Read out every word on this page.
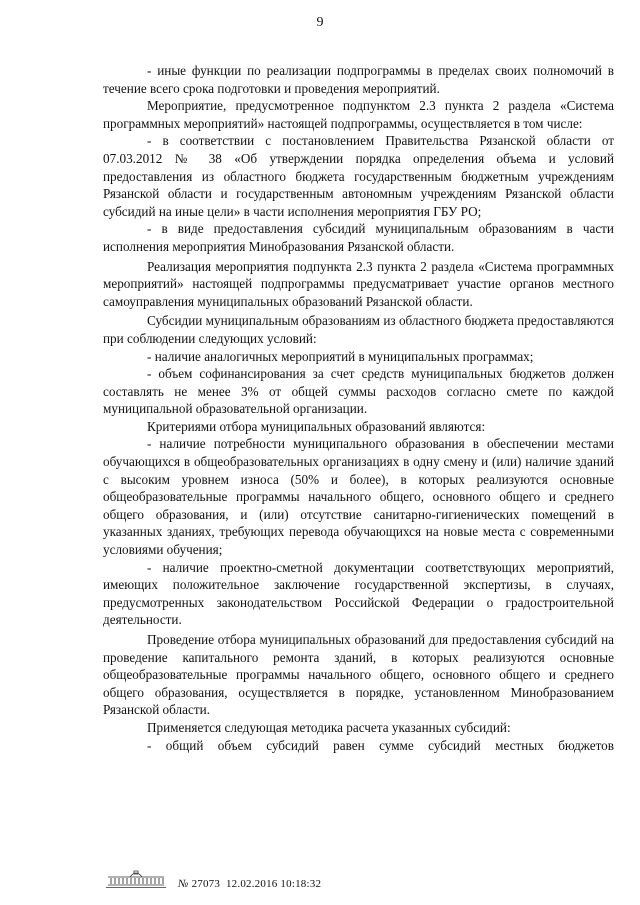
9

- иные функции по реализации подпрограммы в пределах своих полномочий в течение всего срока подготовки и проведения мероприятий.

Мероприятие, предусмотренное подпунктом 2.3 пункта 2 раздела «Система программных мероприятий» настоящей подпрограммы, осуществляется в том числе:

- в соответствии с постановлением Правительства Рязанской области от 07.03.2012 № 38 «Об утверждении порядка определения объема и условий предоставления из областного бюджета государственным бюджетным учреждениям Рязанской области и государственным автономным учреждениям Рязанской области субсидий на иные цели» в части исполнения мероприятия ГБУ РО;

- в виде предоставления субсидий муниципальным образованиям в части исполнения мероприятия Минобразования Рязанской области.

Реализация мероприятия подпункта 2.3 пункта 2 раздела «Система программных мероприятий» настоящей подпрограммы предусматривает участие органов местного самоуправления муниципальных образований Рязанской области.

Субсидии муниципальным образованиям из областного бюджета предоставляются при соблюдении следующих условий:

- наличие аналогичных мероприятий в муниципальных программах;

- объем софинансирования за счет средств муниципальных бюджетов должен составлять не менее 3% от общей суммы расходов согласно смете по каждой муниципальной образовательной организации.

Критериями отбора муниципальных образований являются:

- наличие потребности муниципального образования в обеспечении местами обучающихся в общеобразовательных организациях в одну смену и (или) наличие зданий с высоким уровнем износа (50% и более), в которых реализуются основные общеобразовательные программы начального общего, основного общего и среднего общего образования, и (или) отсутствие санитарно-гигиенических помещений в указанных зданиях, требующих перевода обучающихся на новые места с современными условиями обучения;

- наличие проектно-сметной документации соответствующих мероприятий, имеющих положительное заключение государственной экспертизы, в случаях, предусмотренных законодательством Российской Федерации о градостроительной деятельности.

Проведение отбора муниципальных образований для предоставления субсидий на проведение капитального ремонта зданий, в которых реализуются основные общеобразовательные программы начального общего, основного общего и среднего общего образования, осуществляется в порядке, установленном Минобразованием Рязанской области.

Применяется следующая методика расчета указанных субсидий:

- общий объем субсидий равен сумме субсидий местных бюджетов

№ 27073 12.02.2016 10:18:32
